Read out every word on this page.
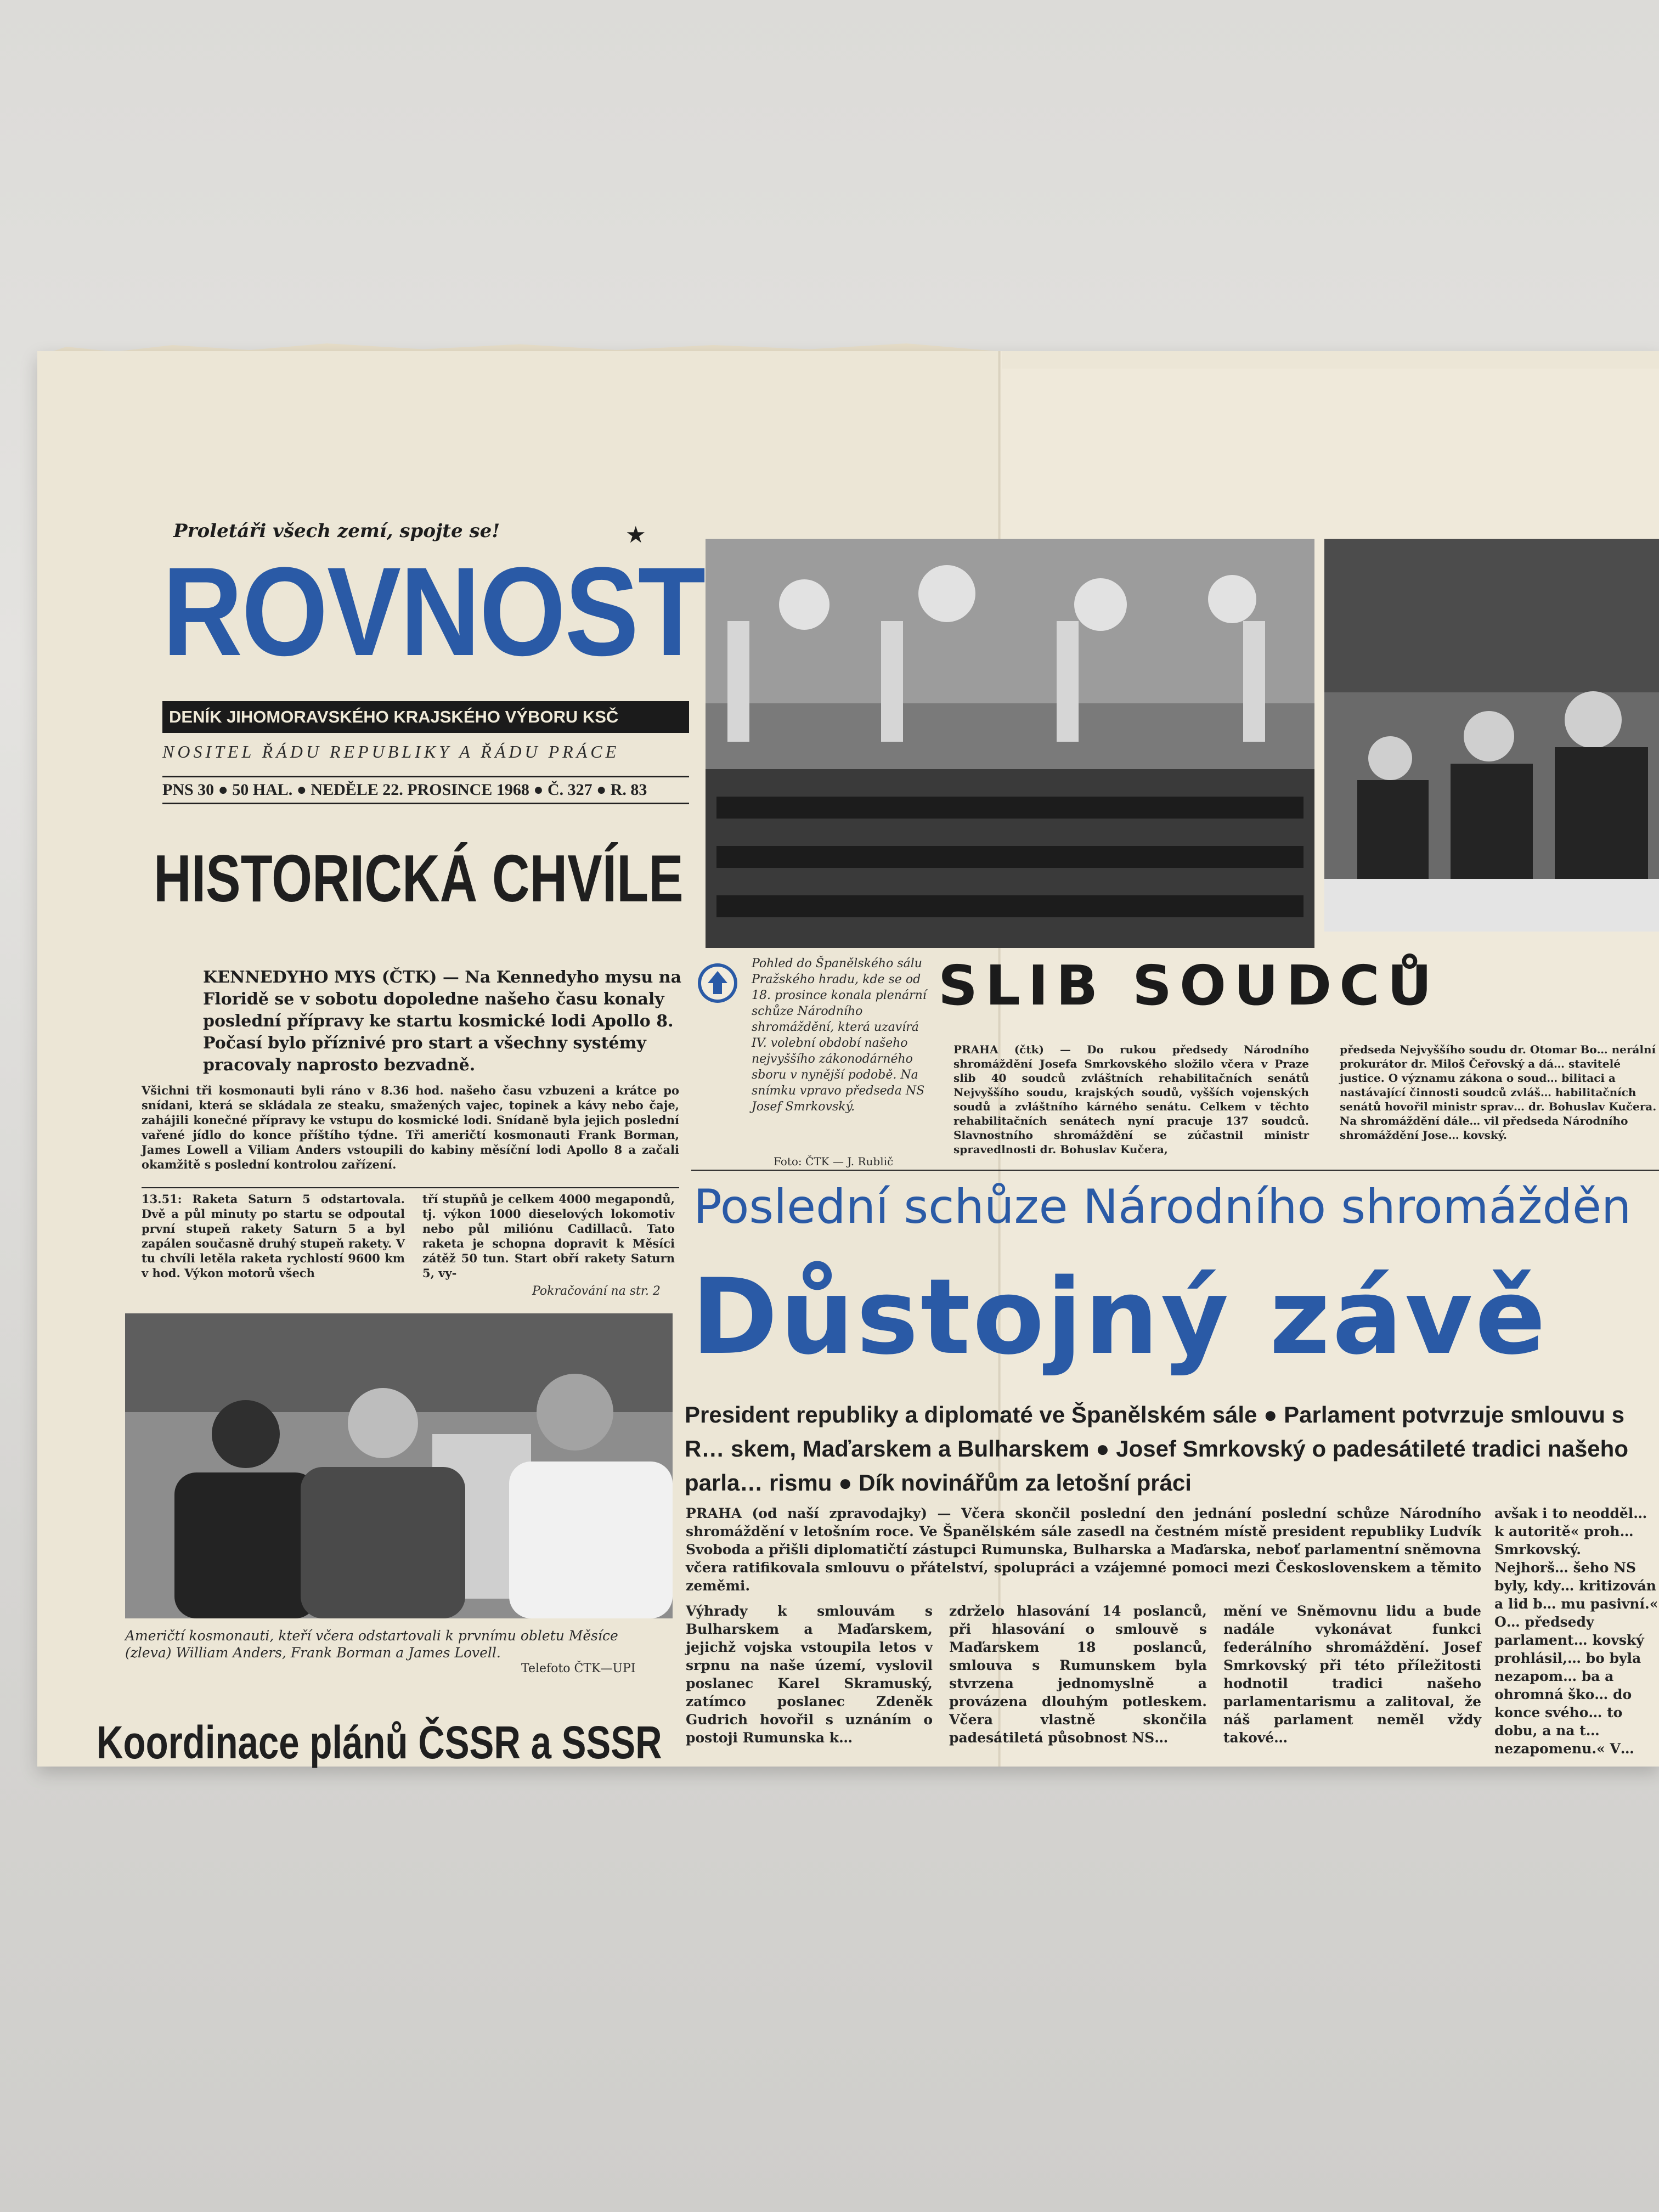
Proletáři všech zemí, spojte se!	★
ROVNOST
DENÍK JIHOMORAVSKÉHO KRAJSKÉHO VÝBORU KSČ
NOSITEL ŘÁDU REPUBLIKY A ŘÁDU PRÁCE
PNS 30 ● 50 HAL. ● NEDĚLE 22. PROSINCE 1968 ● Č. 327 ● R. 83
HISTORICKÁ CHVÍLE
KENNEDYHO MYS (ČTK) — Na Kennedyho mysu na Floridě se v sobotu dopoledne našeho času konaly poslední přípravy ke startu kosmické lodi Apollo 8. Počasí bylo příznivé pro start a všechny systémy pracovaly naprosto bezvadně.
Všichni tři kosmonauti byli ráno v 8.36 hod. našeho času vzbuzeni a krátce po snídani, která se skládala ze steaku, smažených vajec, topinek a kávy nebo čaje, zahájili konečné přípravy ke vstupu do kosmické lodi. Snídaně byla jejich poslední vařené jídlo do konce příštího týdne. Tři američtí kosmonauti Frank Borman, James Lowell a Viliam Anders vstoupili do kabiny měsíční lodi Apollo 8 a začali okamžitě s poslední kontrolou zařízení.
13.51: Raketa Saturn 5 odstartovala. Dvě a půl minuty po startu se odpoutal první stupeň rakety Saturn 5 a byl zapálen současně druhý stupeň rakety. V tu chvíli letěla raketa rychlostí 9600 km v hod. Výkon motorů všech
tří stupňů je celkem 4000 megapondů, tj. výkon 1000 dieselových lokomotiv nebo půl miliónu Cadillaců. Tato raketa je schopna dopravit k Měsíci zátěž 50 tun. Start obří rakety Saturn 5, vy-
Pokračování na str. 2
Američtí kosmonauti, kteří včera odstartovali k prvnímu obletu Měsíce (zleva) William Anders, Frank Borman a James Lovell.
Telefoto ČTK—UPI
Koordinace plánů ČSSR a SSSR
Pohled do Španělského sálu Pražského hradu, kde se od 18. prosince konala plenární schůze Národního shromáždění, která uzavírá IV. volební období našeho nejvyššího zákonodárného sboru v nynější podobě. Na snímku vpravo předseda NS Josef Smrkovský.
Foto: ČTK — J. Rublič
SLIB SOUDCŮ
PRAHA (čtk) — Do rukou předsedy Národního shromáždění Josefa Smrkovského složilo včera v Praze slib 40 soudců zvláštních rehabilitačních senátů Nejvyššího soudu, krajských soudů, vyšších vojenských soudů a zvláštního kárného senátu. Celkem v těchto rehabilitačních senátech nyní pracuje 137 soudců. Slavnostního shromáždění se zúčastnil ministr spravedlnosti dr. Bohuslav Kučera,
předseda Nejvyššího soudu dr. Otomar Bo… nerální prokurátor dr. Miloš Čeřovský a dá… stavitelé justice. O významu zákona o soud… bilitaci a nastávající činnosti soudců zvláš… habilitačních senátů hovořil ministr sprav… dr. Bohuslav Kučera. Na shromáždění dále… vil předseda Národního shromáždění Jose… kovský.
Poslední schůze Národního shromážděn
Důstojný závě
President republiky a diplomaté ve Španělském sále ● Parlament potvrzuje smlouvu s R… skem, Maďarskem a Bulharskem ● Josef Smrkovský o padesátileté tradici našeho parla… rismu ● Dík novinářům za letošní práci
PRAHA (od naší zpravodajky) — Včera skončil poslední den jednání poslední schůze Národního shromáždění v letošním roce. Ve Španělském sále zasedl na čestném místě president republiky Ludvík Svoboda a přišli diplomatičtí zástupci Rumunska, Bulharska a Maďarska, neboť parlamentní sněmovna včera ratifikovala smlouvu o přátelství, spolupráci a vzájemné pomoci mezi Československem a těmito zeměmi.
Výhrady k smlouvám s Bulharskem a Maďarskem, jejichž vojska vstoupila letos v srpnu na naše území, vyslovil poslanec Karel Skramuský, zatímco poslanec Zdeněk Gudrich hovořil s uznáním o postoji Rumunska k…
zdrželo hlasování 14 poslanců, při hlasování o smlouvě s Maďarskem 18 poslanců, smlouva s Rumunskem byla stvrzena jednomyslně a provázena dlouhým potleskem. Včera vlastně skončila padesátiletá působnost NS…
mění ve Sněmovnu lidu a bude nadále vykonávat funkci federálního shromáždění. Josef Smrkovský při této příležitosti hodnotil tradici našeho parlamentarismu a zalitoval, že náš parlament neměl vždy takové…
avšak i to neodděl… k autoritě« proh… Smrkovský. Nejhorš… šeho NS byly, kdy… kritizován a lid b… mu pasivní.« O… předsedy parlament… kovský prohlásil,… bo byla nezapom… ba a ohromná ško… do konce svého… to dobu, a na t… nezapomenu.« V…
